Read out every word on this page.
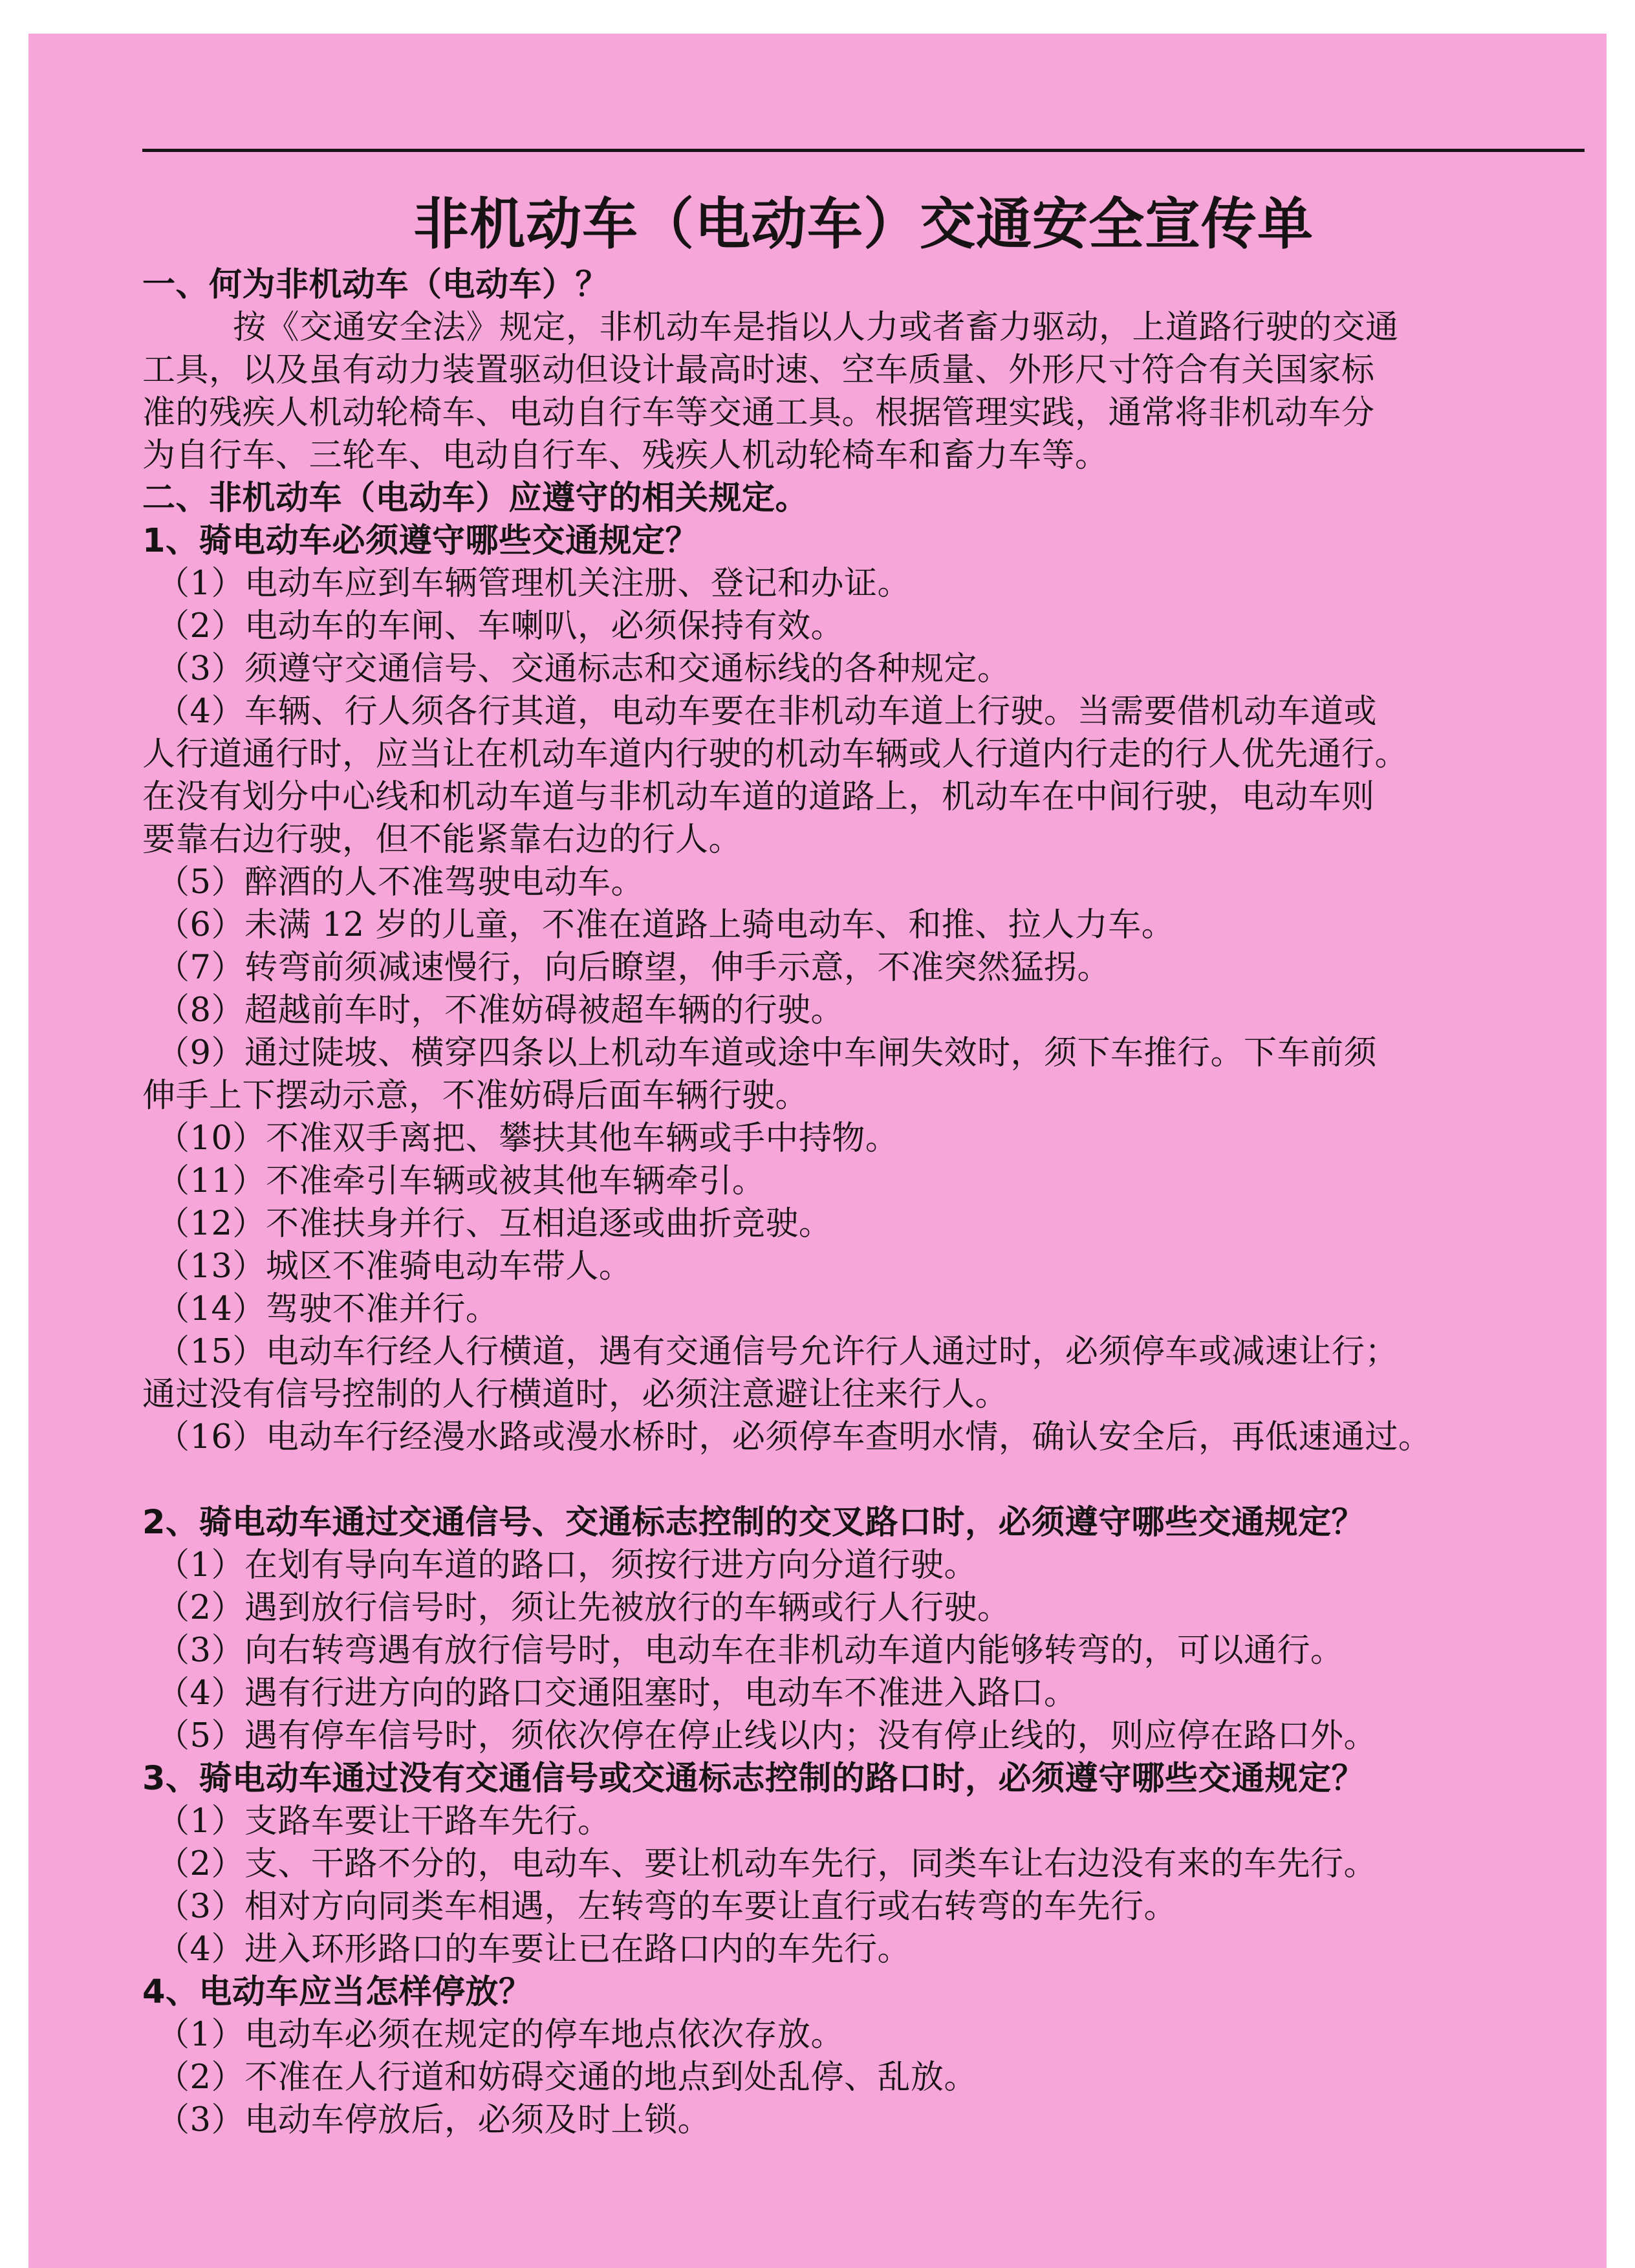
非机动车（电动车）交通安全宣传单
一、何为非机动车（电动车）？
按《交通安全法》规定，非机动车是指以人力或者畜力驱动，上道路行驶的交通
工具，以及虽有动力装置驱动但设计最高时速、空车质量、外形尺寸符合有关国家标
准的残疾人机动轮椅车、电动自行车等交通工具。根据管理实践，通常将非机动车分
为自行车、三轮车、电动自行车、残疾人机动轮椅车和畜力车等。
二、非机动车（电动车）应遵守的相关规定。
1、骑电动车必须遵守哪些交通规定？
（1）电动车应到车辆管理机关注册、登记和办证。
（2）电动车的车闸、车喇叭，必须保持有效。
（3）须遵守交通信号、交通标志和交通标线的各种规定。
（4）车辆、行人须各行其道，电动车要在非机动车道上行驶。当需要借机动车道或
人行道通行时，应当让在机动车道内行驶的机动车辆或人行道内行走的行人优先通行。
在没有划分中心线和机动车道与非机动车道的道路上，机动车在中间行驶，电动车则
要靠右边行驶，但不能紧靠右边的行人。
（5）醉酒的人不准驾驶电动车。
（6）未满 12 岁的儿童，不准在道路上骑电动车、和推、拉人力车。
（7）转弯前须减速慢行，向后瞭望，伸手示意，不准突然猛拐。
（8）超越前车时，不准妨碍被超车辆的行驶。
（9）通过陡坡、横穿四条以上机动车道或途中车闸失效时，须下车推行。下车前须
伸手上下摆动示意，不准妨碍后面车辆行驶。
（10）不准双手离把、攀扶其他车辆或手中持物。
（11）不准牵引车辆或被其他车辆牵引。
（12）不准扶身并行、互相追逐或曲折竞驶。
（13）城区不准骑电动车带人。
（14）驾驶不准并行。
（15）电动车行经人行横道，遇有交通信号允许行人通过时，必须停车或减速让行；
通过没有信号控制的人行横道时，必须注意避让往来行人。
（16）电动车行经漫水路或漫水桥时，必须停车查明水情，确认安全后，再低速通过。
2、骑电动车通过交通信号、交通标志控制的交叉路口时，必须遵守哪些交通规定？
（1）在划有导向车道的路口，须按行进方向分道行驶。
（2）遇到放行信号时，须让先被放行的车辆或行人行驶。
（3）向右转弯遇有放行信号时，电动车在非机动车道内能够转弯的，可以通行。
（4）遇有行进方向的路口交通阻塞时，电动车不准进入路口。
（5）遇有停车信号时，须依次停在停止线以内；没有停止线的，则应停在路口外。
3、骑电动车通过没有交通信号或交通标志控制的路口时，必须遵守哪些交通规定？
（1）支路车要让干路车先行。
（2）支、干路不分的，电动车、要让机动车先行，同类车让右边没有来的车先行。
（3）相对方向同类车相遇，左转弯的车要让直行或右转弯的车先行。
（4）进入环形路口的车要让已在路口内的车先行。
4、电动车应当怎样停放？
（1）电动车必须在规定的停车地点依次存放。
（2）不准在人行道和妨碍交通的地点到处乱停、乱放。
（3）电动车停放后，必须及时上锁。
